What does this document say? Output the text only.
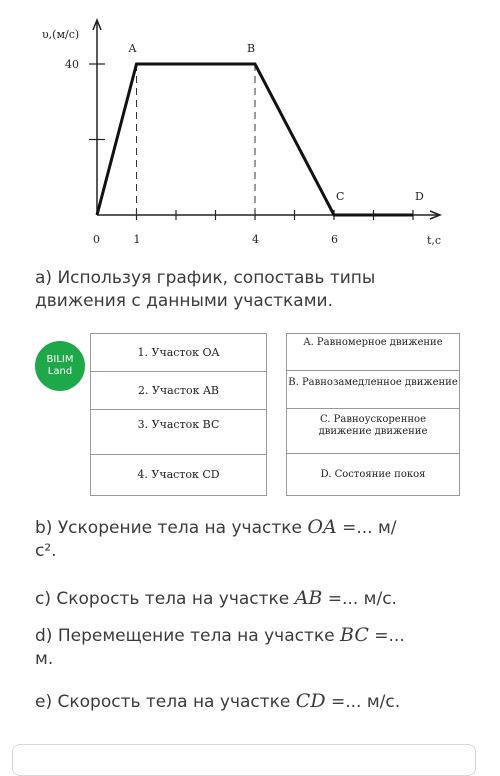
0	1	4	6
40
A	B
C	D
υ,(м/с)
t,c
a) Используя график, сопоставь типы движения с данными участками.
BILIM
Land
1. Участок OA
2. Участок AB
3. Участок BC
4. Участок CD
A. Равномерное движение
B. Равнозамедленное движение
C. Равноускоренное движение движение
D. Состояние покоя
b) Ускорение тела на участке OA =... м/
c².
c) Скорость тела на участке AB =... м/с.
d) Перемещение тела на участке BC =...
м.
e) Скорость тела на участке CD =... м/с.
